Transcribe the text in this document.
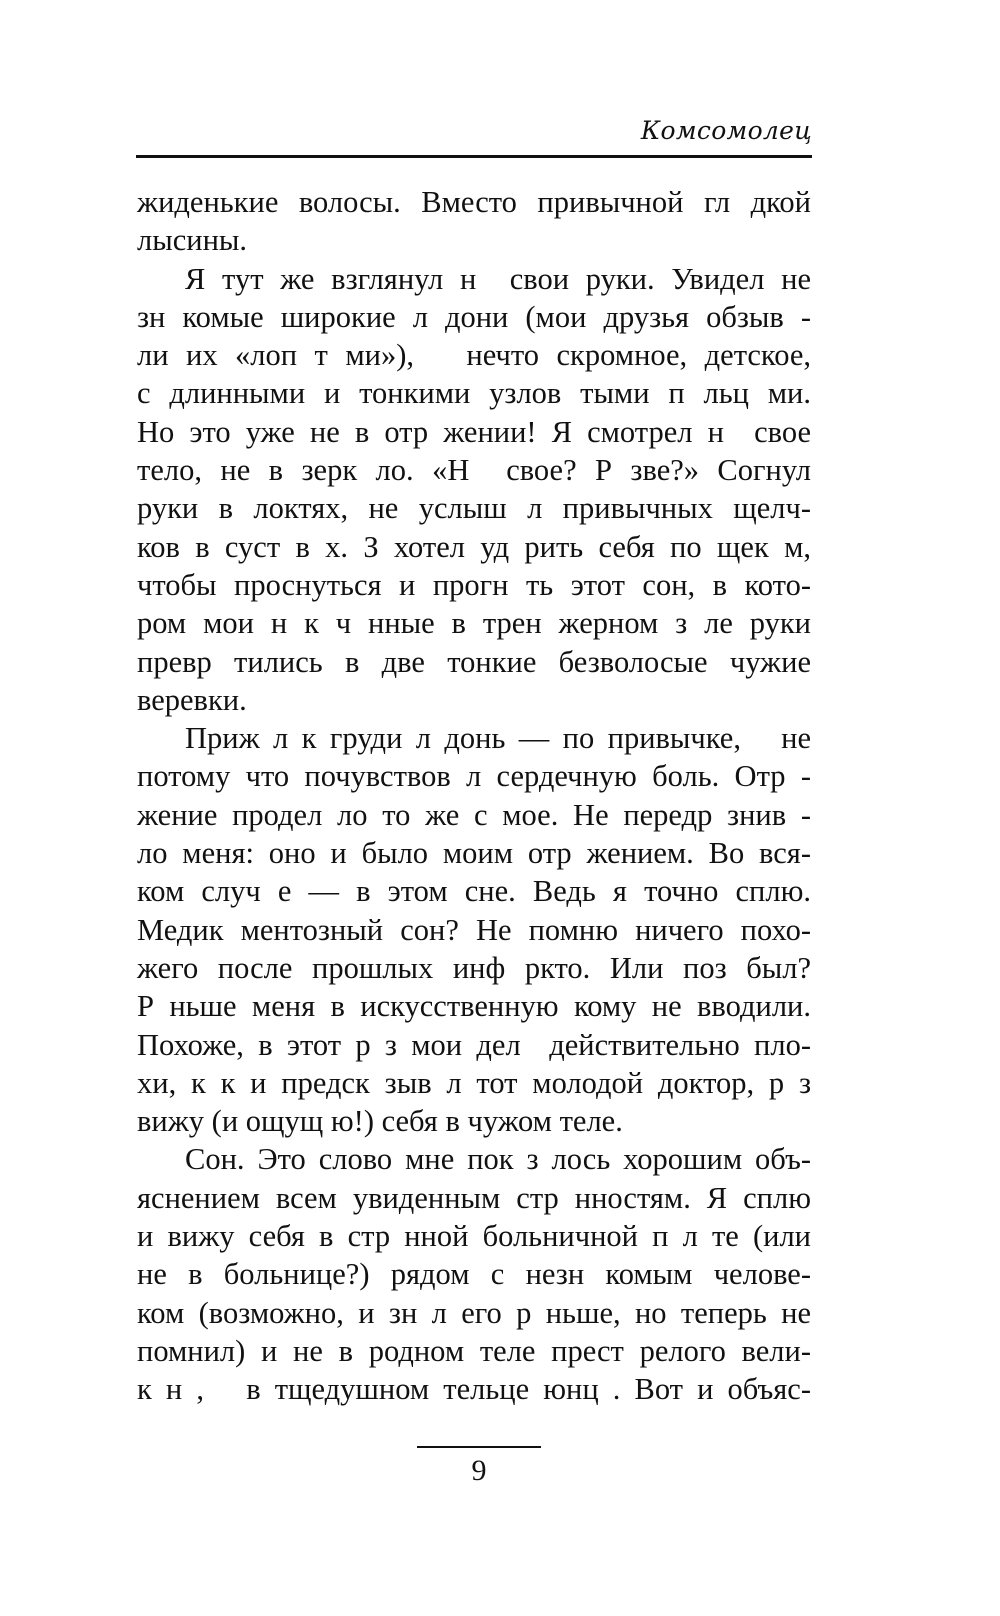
Комсомолец
жиденькие волосы. Вместо привычной гл дкой
лысины.
Я тут же взглянул н  свои руки. Увидел не
зн комые широкие л дони (мои друзья обзыв -
ли их «лоп т ми»),   нечто скромное, детское,
с длинными и тонкими узлов тыми п льц ми.
Но это уже не в отр жении! Я смотрел н  свое
тело, не в зерк ло. «Н  свое? Р зве?» Согнул
руки в локтях, не услыш л привычных щелч-
ков в суст в х. З хотел уд рить себя по щек м,
чтобы проснуться и прогн ть этот сон, в кото-
ром мои н к ч нные в трен жерном з ле руки
превр тились в две тонкие безволосые чужие
веревки.
Приж л к груди л донь — по привычке,   не
потому что почувствов л сердечную боль. Отр -
жение продел ло то же с мое. Не передр знив -
ло меня: оно и было моим отр жением. Во вся-
ком случ е — в этом сне. Ведь я точно сплю.
Медик ментозный сон? Не помню ничего похо-
жего после прошлых инф ркто. Или поз был?
Р ньше меня в искусственную кому не вводили.
Похоже, в этот р з мои дел  действительно пло-
хи, к к и предск зыв л тот молодой доктор, р з
вижу (и ощущ ю!) себя в чужом теле.
Сон. Это слово мне пок з лось хорошим объ-
яснением всем увиденным стр нностям. Я сплю
и вижу себя в стр нной больничной п л те (или
не в больнице?) рядом с незн комым челове-
ком (возможно, и зн л его р ньше, но теперь не
помнил) и не в родном теле прест релого вели-
к н ,   в тщедушном тельце юнц . Вот и объяс-
9
